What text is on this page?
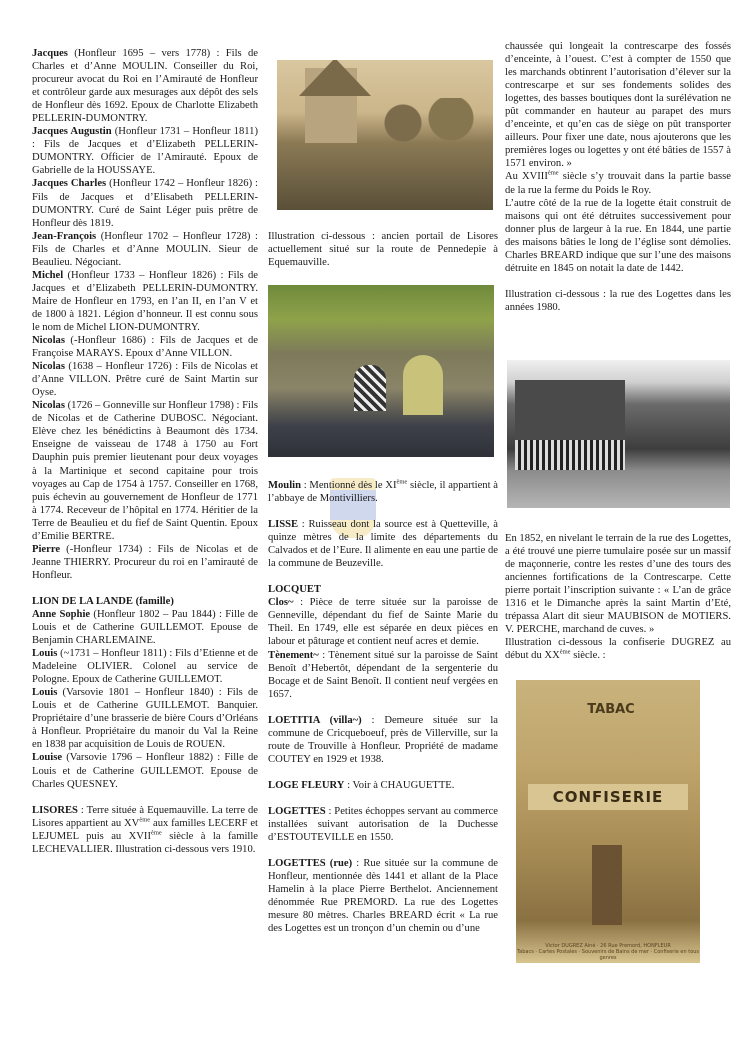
Jacques (Honfleur 1695 – vers 1778) : Fils de Charles et d’Anne MOULIN. Conseiller du Roi, procureur avocat du Roi en l’Amirauté de Honfleur et contrôleur garde aux mesurages aux dépôt des sels de Honfleur dès 1692. Epoux de Charlotte Elizabeth PELLERIN-DUMONTRY.

Jacques Augustin (Honfleur 1731 – Honfleur 1811) : Fils de Jacques et d’Elizabeth PELLERIN-DUMONTRY. Officier de l’Amirauté. Epoux de Gabrielle de la HOUSSAYE.

Jacques Charles (Honfleur 1742 – Honfleur 1826) : Fils de Jacques et d’Elisabeth PELLERIN-DUMONTRY. Curé de Saint Léger puis prêtre de Honfleur dès 1819.

Jean-François (Honfleur 1702 – Honfleur 1728) : Fils de Charles et d’Anne MOULIN. Sieur de Beaulieu. Négociant.

Michel (Honfleur 1733 – Honfleur 1826) : Fils de Jacques et d’Elizabeth PELLERIN-DUMONTRY. Maire de Honfleur en 1793, en l’an II, en l’an V et de 1800 à 1821. Légion d’honneur. Il est connu sous le nom de Michel LION-DUMONTRY.

Nicolas (-Honfleur 1686) : Fils de Jacques et de Françoise MARAYS. Epoux d’Anne VILLON.

Nicolas (1638 – Honfleur 1726) : Fils de Nicolas et d’Anne VILLON. Prêtre curé de Saint Martin sur Oyse.

Nicolas (1726 – Gonneville sur Honfleur 1798) : Fils de Nicolas et de Catherine DUBOSC. Négociant. Elève chez les bénédictins à Beaumont dès 1734. Enseigne de vaisseau de 1748 à 1750 au Fort Dauphin puis premier lieutenant pour deux voyages à la Martinique et second capitaine pour trois voyages au Cap de 1754 à 1757. Conseiller en 1768, puis échevin au gouvernement de Honfleur de 1771 à 1774. Receveur de l’hôpital en 1774. Héritier de la Terre de Beaulieu et du fief de Saint Quentin. Epoux d’Emilie BERTRE.

Pierre (-Honfleur 1734) : Fils de Nicolas et de Jeanne THIERRY. Procureur du roi en l’amirauté de Honfleur.

LION DE LA LANDE (famille)

Anne Sophie (Honfleur 1802 – Pau 1844) : Fille de Louis et de Catherine GUILLEMOT. Epouse de Benjamin CHARLEMAINE.

Louis (~1731 – Honfleur 1811) : Fils d’Etienne et de Madeleine OLIVIER. Colonel au service de Pologne. Epoux de Catherine GUILLEMOT.

Louis (Varsovie 1801 – Honfleur 1840) : Fils de Louis et de Catherine GUILLEMOT. Banquier. Propriétaire d’une brasserie de bière Cours d’Orléans à Honfleur. Propriétaire du manoir du Val la Reine en 1838 par acquisition de Louis de ROUEN.

Louise (Varsovie 1796 – Honfleur 1882) : Fille de Louis et de Catherine GUILLEMOT. Epouse de Charles QUESNEY.

LISORES : Terre située à Equemauville. La terre de Lisores appartient au XVème aux familles LECERF et LEJUMEL puis au XVIIème siècle à la famille LECHEVALLIER. Illustration ci-dessous vers 1910.

Illustration ci-dessous : ancien portail de Lisores actuellement situé sur la route de Pennedepie à Equemauville.

Moulin : Mentionné dès le XIème siècle, il appartient à l’abbaye de Montivilliers.

LISSE : Ruisseau dont la source est à Quetteville, à quinze mètres de la limite des départements du Calvados et de l’Eure. Il alimente en eau une partie de la commune de Beuzeville.

LOCQUET

Clos~ : Pièce de terre située sur la paroisse de Genneville, dépendant du fief de Sainte Marie du Theil. En 1749, elle est séparée en deux pièces en labour et pâturage et contient neuf acres et demie.

Tènement~ : Tènement situé sur la paroisse de Saint Benoît d’Hebertôt, dépendant de la sergenterie du Bocage et de Saint Benoît. Il contient neuf vergées en 1657.

LOETITIA (villa~) : Demeure située sur la commune de Cricqueboeuf, près de Villerville, sur la route de Trouville à Honfleur. Propriété de madame COUTEY en 1929 et 1938.

LOGE FLEURY : Voir à CHAUGUETTE.

LOGETTES : Petites échoppes servant au commerce installées suivant autorisation de la Duchesse d’ESTOUTEVILLE en 1550.

LOGETTES (rue) : Rue située sur la commune de Honfleur, mentionnée dès 1441 et allant de la Place Hamelin à la place Pierre Berthelot. Anciennement dénommée Rue PREMORD. La rue des Logettes mesure 80 mètres. Charles BREARD écrit « La rue des Logettes est un tronçon d’un chemin ou d’une

chaussée qui longeait la contrescarpe des fossés d’enceinte, à l’ouest. C’est à compter de 1550 que les marchands obtinrent l’autorisation d’élever sur la contrescarpe et sur ses fondements solides des logettes, des basses boutiques dont la surélévation ne pût commander en hauteur au parapet des murs d’enceinte, et qu’en cas de siège on pût transporter ailleurs. Pour fixer une date, nous ajouterons que les premières loges ou logettes y ont été bâties de 1557 à 1571 environ. »

Au XVIIIème siècle s’y trouvait dans la partie basse de la rue la ferme du Poids le Roy.

L’autre côté de la rue de la logette était construit de maisons qui ont été détruites successivement pour donner plus de largeur à la rue. En 1844, une partie des maisons bâties le long de l’église sont démolies. Charles BREARD indique que sur l’une des maisons détruite en 1845 on notait la date de 1442.

Illustration ci-dessous : la rue des Logettes dans les années 1980.

En 1852, en nivelant le terrain de la rue des Logettes, a été trouvé une pierre tumulaire posée sur un massif de maçonnerie, contre les restes d’une des tours des anciennes fortifications de la Contrescarpe. Cette pierre portait l’inscription suivante : « L’an de grâce 1316 et le Dimanche après la saint Martin d’Eté, trépassa Alart dit sieur MAUBISON de MOTIERS. V. PERCHE, marchand de cuves. »

Illustration ci-dessous la confiserie DUGREZ au début du XXème siècle. :

TABAC
CONFISERIE
Victor DUGREZ Ainé · 26 Rue Premord, HONFLEUR
Tabacs · Cartes Postales · Souvenirs de Bains de mer · Confiserie en tous genres
